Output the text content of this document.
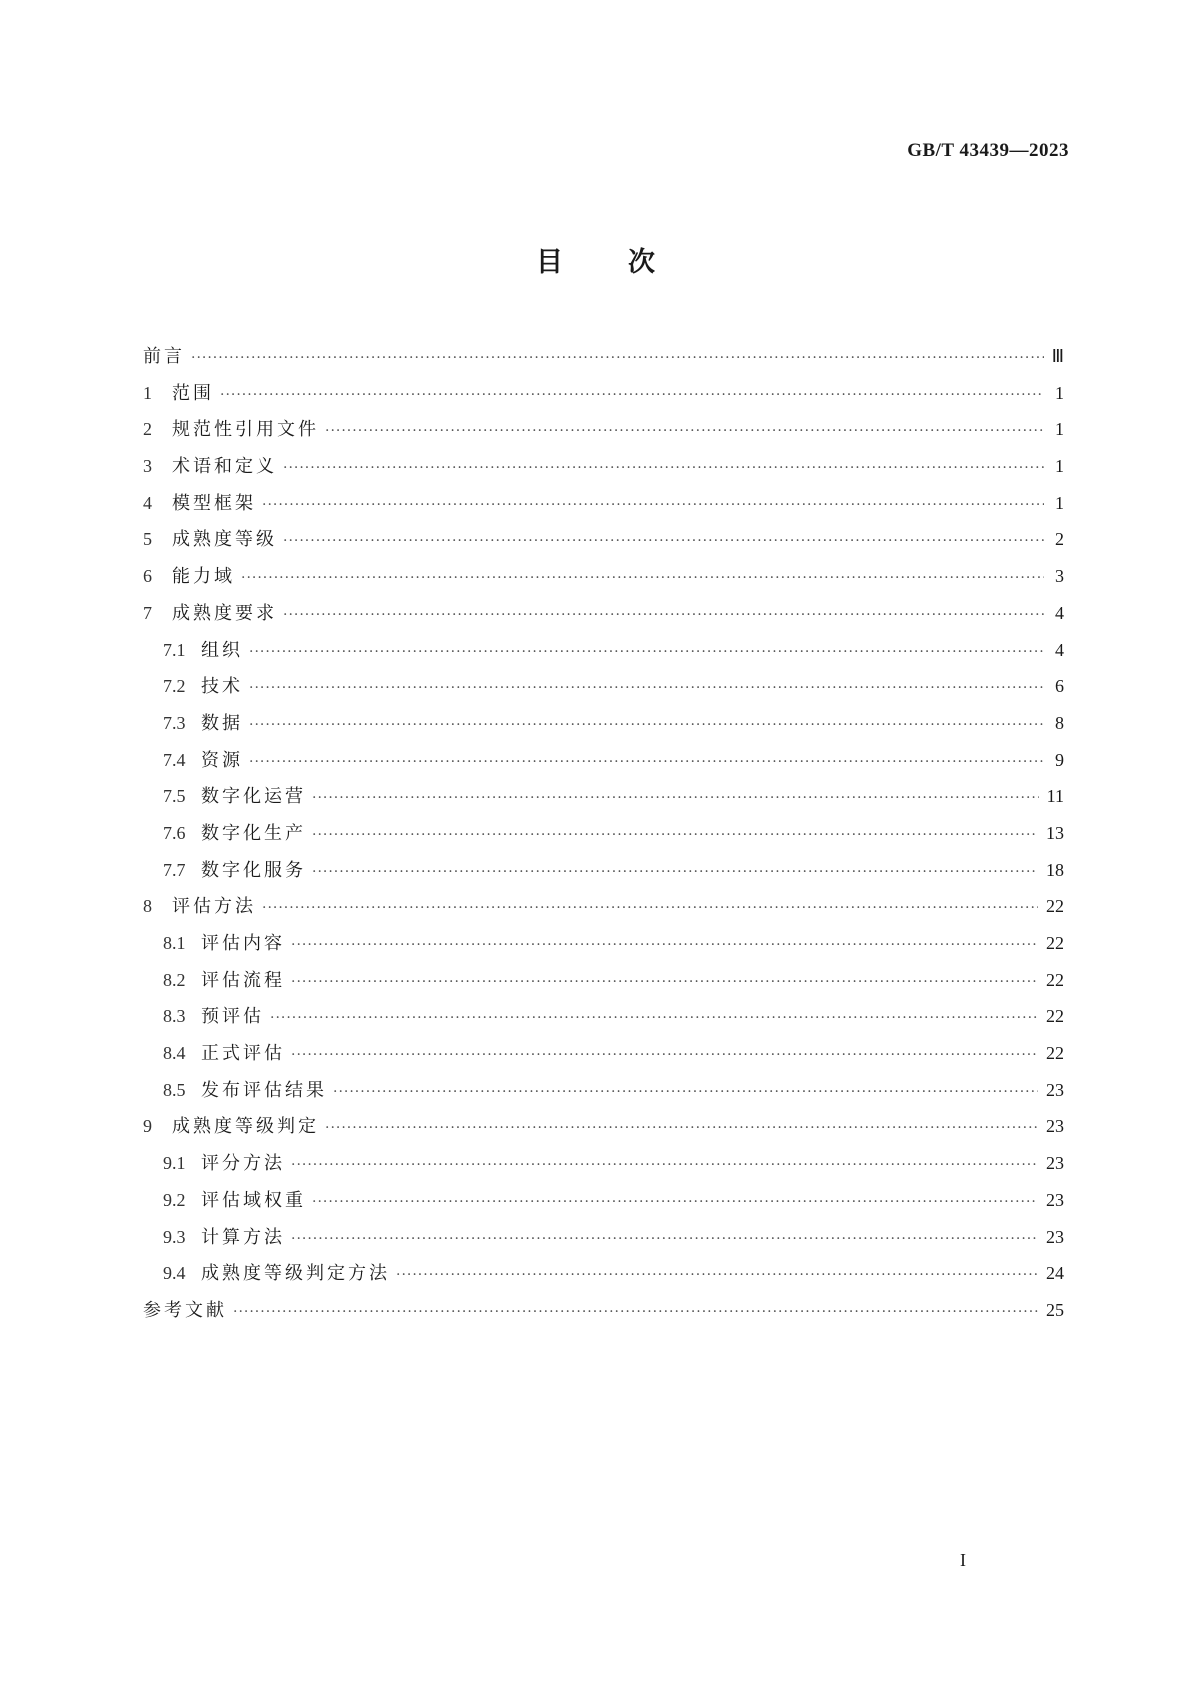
GB/T 43439—2023
目 次
前言 ·····	Ⅲ
1	范围 ·····	1
2	规范性引用文件 ·····	1
3	术语和定义 ·····	1
4	模型框架 ·····	1
5	成熟度等级 ·····	2
6	能力域 ·····	3
7	成熟度要求 ·····	4
7.1 组织 ·····	4
7.2 技术 ·····	6
7.3 数据 ·····	8
7.4 资源 ·····	9
7.5 数字化运营 ·····	11
7.6 数字化生产 ·····	13
7.7 数字化服务 ·····	18
8	评估方法 ·····	22
8.1 评估内容 ·····	22
8.2 评估流程 ·····	22
8.3 预评估 ·····	22
8.4 正式评估 ·····	22
8.5 发布评估结果 ·····	23
9	成熟度等级判定 ·····	23
9.1 评分方法 ·····	23
9.2 评估域权重 ·····	23
9.3 计算方法 ·····	23
9.4 成熟度等级判定方法 ·····	24
参考文献 ·····	25
I
